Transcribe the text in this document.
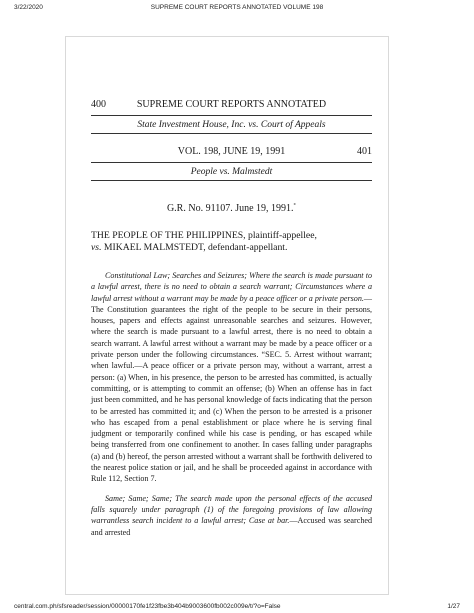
3/22/2020	SUPREME COURT REPORTS ANNOTATED VOLUME 198
400	SUPREME COURT REPORTS ANNOTATED
State Investment House, Inc. vs. Court of Appeals
VOL. 198, JUNE 19, 1991	401
People vs. Malmstedt
G.R. No. 91107. June 19, 1991.*
THE PEOPLE OF THE PHILIPPINES, plaintiff-appellee,
vs. MIKAEL MALMSTEDT, defendant-appellant.

Constitutional Law; Searches and Seizures; Where the search is made pursuant to a lawful arrest, there is no need to obtain a search warrant; Circumstances where a lawful arrest without a warrant may be made by a peace officer or a private person.—The Constitution guarantees the right of the people to be secure in their persons, houses, papers and effects against unreasonable searches and seizures. However, where the search is made pursuant to a lawful arrest, there is no need to obtain a search warrant. A lawful arrest without a warrant may be made by a peace officer or a private person under the following circumstances. “SEC. 5. Arrest without warrant; when lawful.—A peace officer or a private person may, without a warrant, arrest a person: (a) When, in his presence, the person to be arrested has committed, is actually committing, or is attempting to commit an offense; (b) When an offense has in fact just been committed, and he has personal knowledge of facts indicating that the person to be arrested has committed it; and (c) When the person to be arrested is a prisoner who has escaped from a penal establishment or place where he is serving final judgment or temporarily confined while his case is pending, or has escaped while being transferred from one confinement to another. In cases falling under paragraphs (a) and (b) hereof, the person arrested without a warrant shall be forthwith delivered to the nearest police station or jail, and he shall be proceeded against in accordance with Rule 112, Section 7.

Same; Same; Same; The search made upon the personal effects of the accused falls squarely under paragraph (1) of the foregoing provisions of law allowing warrantless search incident to a lawful arrest; Case at bar.—Accused was searched and arrested

central.com.ph/sfsreader/session/00000170fe1f23fbe3b404b9003600fb002c009e/t/?o=False	1/27
